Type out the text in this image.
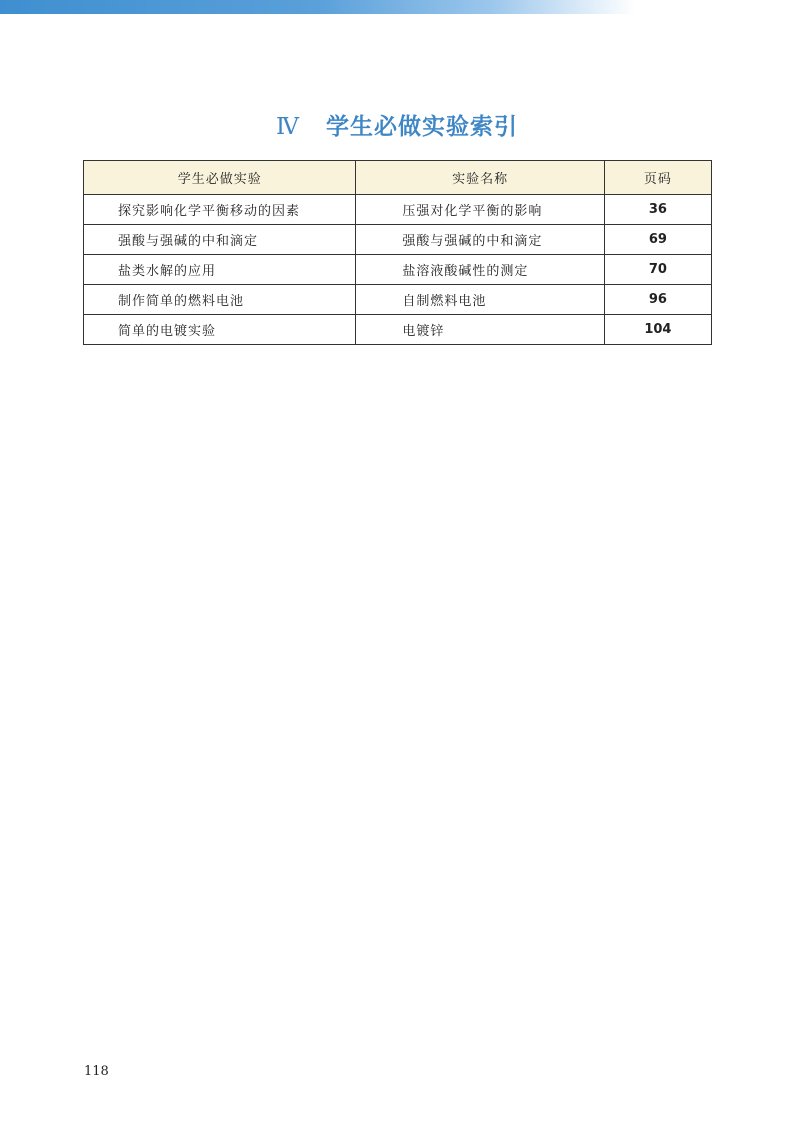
Ⅳ 学生必做实验索引
学生必做实验	实验名称	页码
探究影响化学平衡移动的因素	压强对化学平衡的影响	36
强酸与强碱的中和滴定	强酸与强碱的中和滴定	69
盐类水解的应用	盐溶液酸碱性的测定	70
制作简单的燃料电池	自制燃料电池	96
简单的电镀实验	电镀锌	104
118
